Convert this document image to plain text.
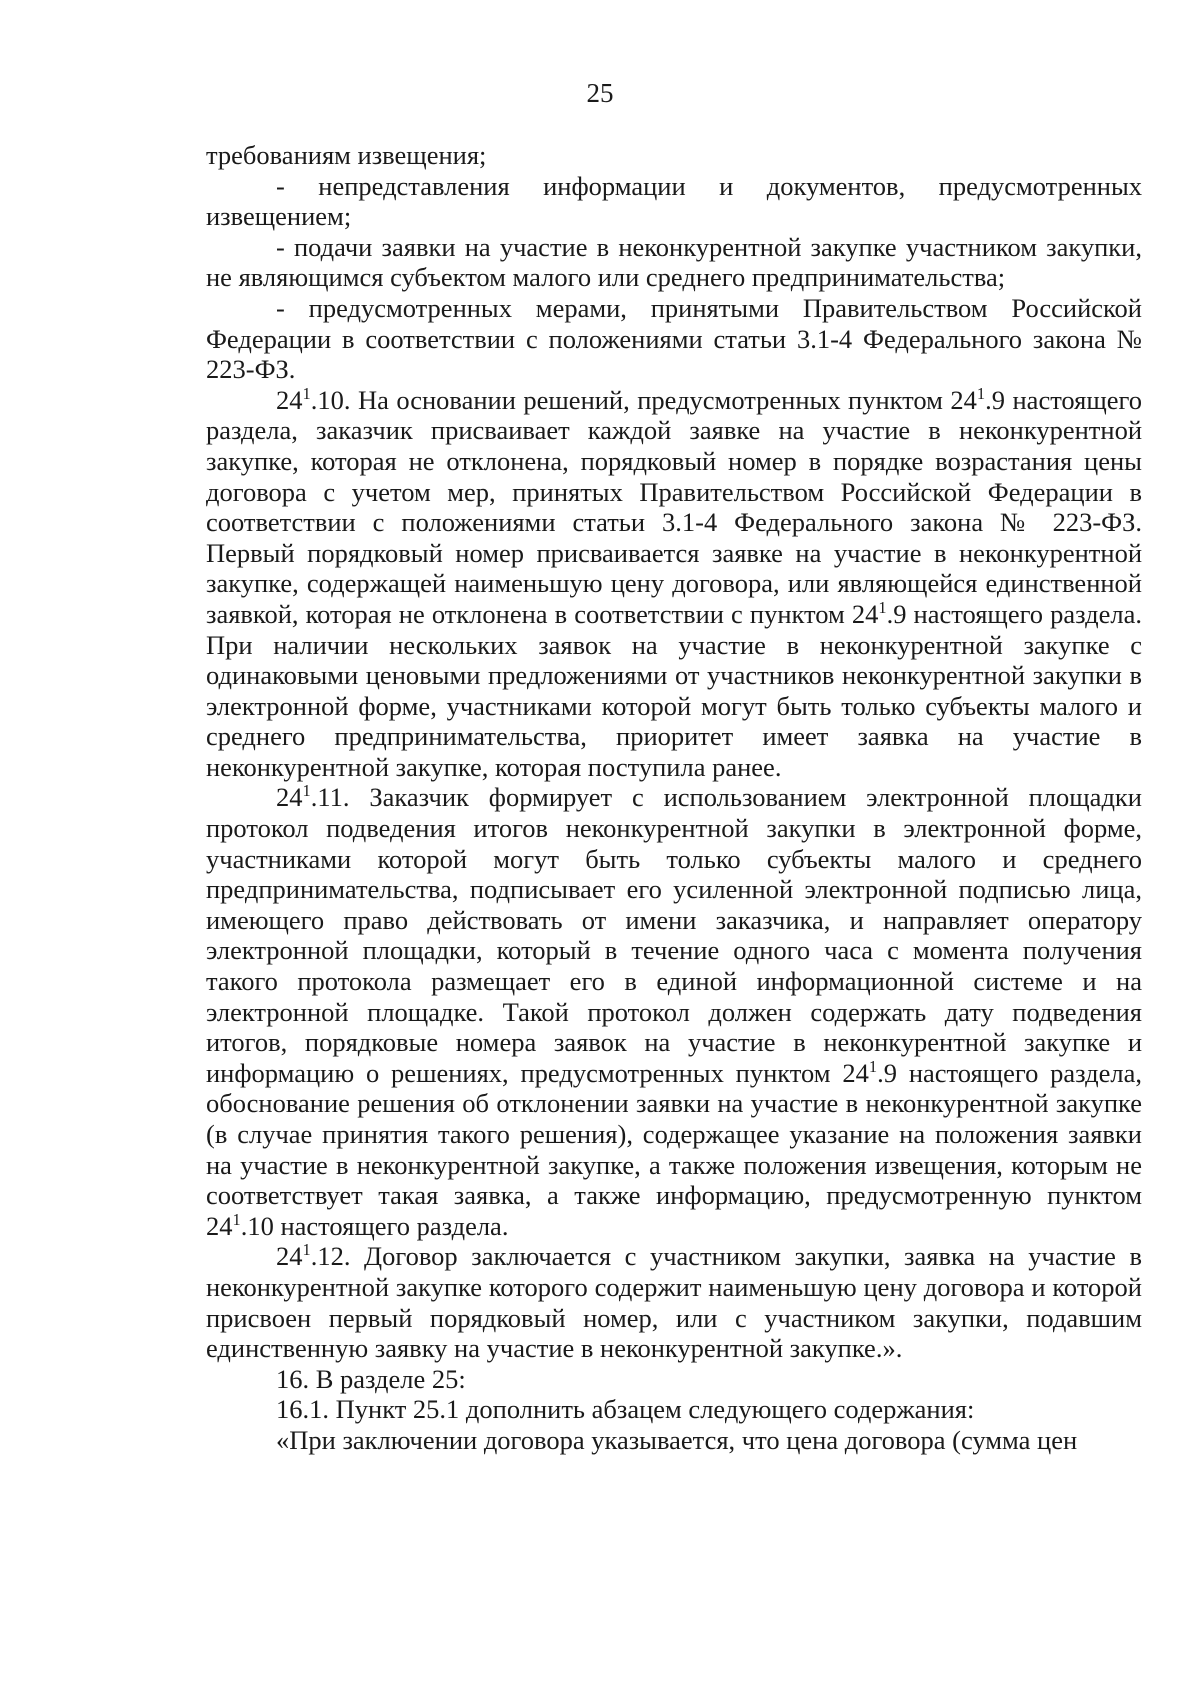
25

требованиям извещения;

- непредставления информации и документов, предусмотренных извещением;

- подачи заявки на участие в неконкурентной закупке участником закупки, не являющимся субъектом малого или среднего предпринимательства;

- предусмотренных мерами, принятыми Правительством Российской Федерации в соответствии с положениями статьи 3.1-4 Федерального закона № 223-ФЗ.

$24^1.10$. На основании решений, предусмотренных пунктом $24^1.9$ настоящего раздела, заказчик присваивает каждой заявке на участие в неконкурентной закупке, которая не отклонена, порядковый номер в порядке возрастания цены договора с учетом мер, принятых Правительством Российской Федерации в соответствии с положениями статьи 3.1-4 Федерального закона № 223-ФЗ. Первый порядковый номер присваивается заявке на участие в неконкурентной закупке, содержащей наименьшую цену договора, или являющейся единственной заявкой, которая не отклонена в соответствии с пунктом $24^1.9$ настоящего раздела. При наличии нескольких заявок на участие в неконкурентной закупке с одинаковыми ценовыми предложениями от участников неконкурентной закупки в электронной форме, участниками которой могут быть только субъекты малого и среднего предпринимательства, приоритет имеет заявка на участие в неконкурентной закупке, которая поступила ранее.

$24^1.11$. Заказчик формирует с использованием электронной площадки протокол подведения итогов неконкурентной закупки в электронной форме, участниками которой могут быть только субъекты малого и среднего предпринимательства, подписывает его усиленной электронной подписью лица, имеющего право действовать от имени заказчика, и направляет оператору электронной площадки, который в течение одного часа с момента получения такого протокола размещает его в единой информационной системе и на электронной площадке. Такой протокол должен содержать дату подведения итогов, порядковые номера заявок на участие в неконкурентной закупке и информацию о решениях, предусмотренных пунктом $24^1.9$ настоящего раздела, обоснование решения об отклонении заявки на участие в неконкурентной закупке (в случае принятия такого решения), содержащее указание на положения заявки на участие в неконкурентной закупке, а также положения извещения, которым не соответствует такая заявка, а также информацию, предусмотренную пунктом $24^1.10$ настоящего раздела.

$24^1.12$. Договор заключается с участником закупки, заявка на участие в неконкурентной закупке которого содержит наименьшую цену договора и которой присвоен первый порядковый номер, или с участником закупки, подавшим единственную заявку на участие в неконкурентной закупке.».

16. В разделе 25:

16.1. Пункт 25.1 дополнить абзацем следующего содержания:

«При заключении договора указывается, что цена договора (сумма цен
